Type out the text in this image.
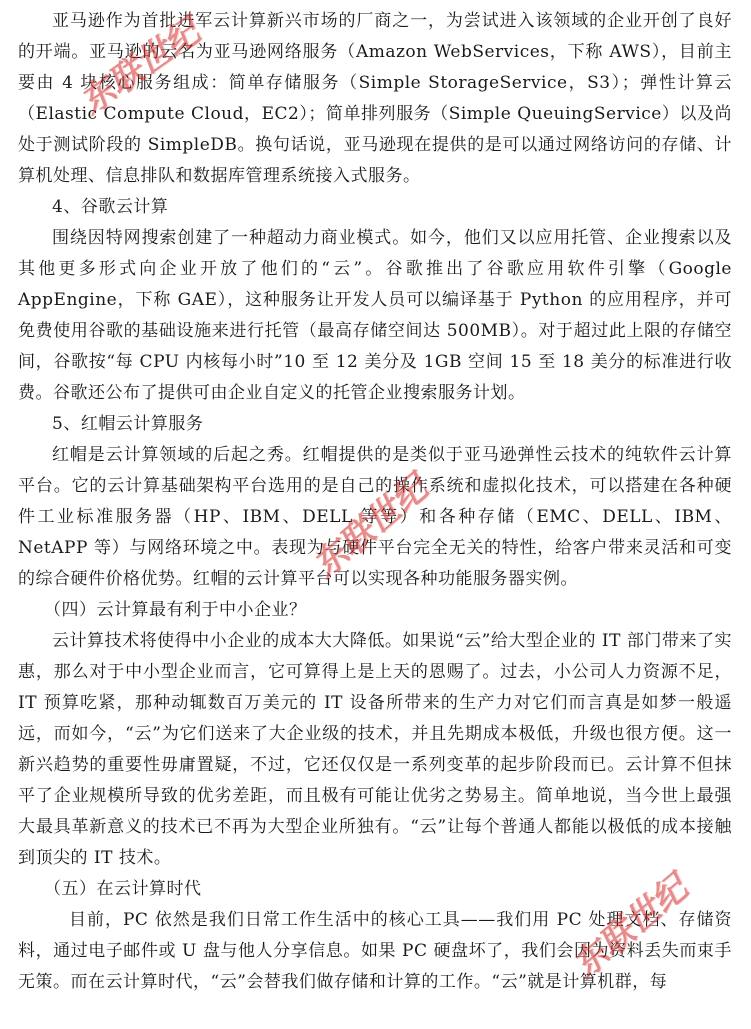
亚马逊作为首批进军云计算新兴市场的厂商之一，为尝试进入该领域的企业开创了良好的开端。亚马逊的云名为亚马逊网络服务（Amazon WebServices，下称 AWS），目前主要由 4 块核心服务组成：简单存储服务（Simple StorageService，S3）；弹性计算云（Elastic Compute Cloud，EC2）；简单排列服务（Simple QueuingService）以及尚处于测试阶段的 SimpleDB。换句话说，亚马逊现在提供的是可以通过网络访问的存储、计算机处理、信息排队和数据库管理系统接入式服务。

4、谷歌云计算

围绕因特网搜索创建了一种超动力商业模式。如今，他们又以应用托管、企业搜索以及其他更多形式向企业开放了他们的“云”。谷歌推出了谷歌应用软件引擎（Google AppEngine，下称 GAE），这种服务让开发人员可以编译基于 Python 的应用程序，并可免费使用谷歌的基础设施来进行托管（最高存储空间达 500MB）。对于超过此上限的存储空间，谷歌按“每 CPU 内核每小时”10 至 12 美分及 1GB 空间 15 至 18 美分的标准进行收费。谷歌还公布了提供可由企业自定义的托管企业搜索服务计划。

5、红帽云计算服务

红帽是云计算领域的后起之秀。红帽提供的是类似于亚马逊弹性云技术的纯软件云计算平台。它的云计算基础架构平台选用的是自己的操作系统和虚拟化技术，可以搭建在各种硬件工业标准服务器（HP、IBM、DELL 等等）和各种存储（EMC、DELL、IBM、NetAPP 等）与网络环境之中。表现为与硬件平台完全无关的特性，给客户带来灵活和可变的综合硬件价格优势。红帽的云计算平台可以实现各种功能服务器实例。

（四）云计算最有利于中小企业？

云计算技术将使得中小企业的成本大大降低。如果说“云”给大型企业的 IT 部门带来了实惠，那么对于中小型企业而言，它可算得上是上天的恩赐了。过去，小公司人力资源不足，IT 预算吃紧，那种动辄数百万美元的 IT 设备所带来的生产力对它们而言真是如梦一般遥远，而如今，“云”为它们送来了大企业级的技术，并且先期成本极低，升级也很方便。这一新兴趋势的重要性毋庸置疑，不过，它还仅仅是一系列变革的起步阶段而已。云计算不但抹平了企业规模所导致的优劣差距，而且极有可能让优劣之势易主。简单地说，当今世上最强大最具革新意义的技术已不再为大型企业所独有。“云”让每个普通人都能以极低的成本接触到顶尖的 IT 技术。

（五）在云计算时代

目前，PC 依然是我们日常工作生活中的核心工具——我们用 PC 处理文档、存储资料，通过电子邮件或 U 盘与他人分享信息。如果 PC 硬盘坏了，我们会因为资料丢失而束手无策。而在云计算时代，“云”会替我们做存储和计算的工作。“云”就是计算机群，每

东联世纪
东联世纪
东联世纪
